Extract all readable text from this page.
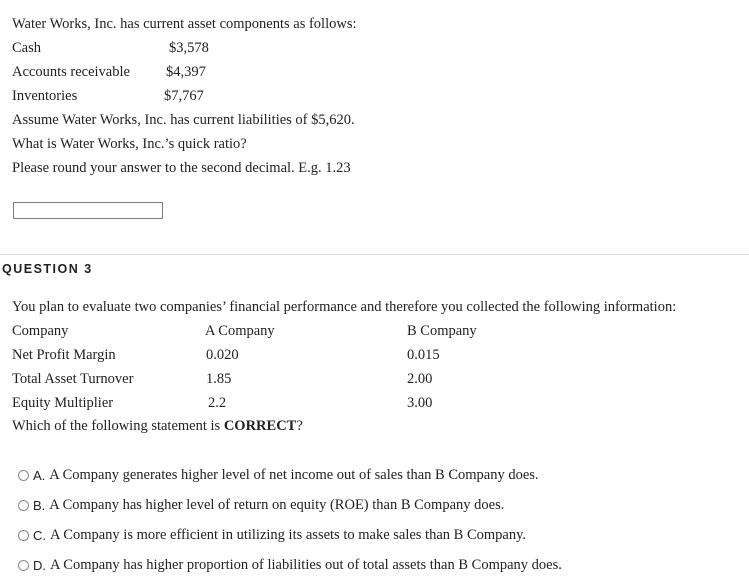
Water Works, Inc. has current asset components as follows:
Cash	$3,578
Accounts receivable $4,397
Inventories	$7,767
Assume Water Works, Inc. has current liabilities of $5,620.
What is Water Works, Inc.’s quick ratio?
Please round your answer to the second decimal. E.g. 1.23
QUESTION 3
You plan to evaluate two companies’ financial performance and therefore you collected the following information:
Company	A Company	B Company
Net Profit Margin	0.020	0.015
Total Asset Turnover	1.85	2.00
Equity Multiplier	2.2	3.00
Which of the following statement is CORRECT?
A. A Company generates higher level of net income out of sales than B Company does.
B. A Company has higher level of return on equity (ROE) than B Company does.
C. A Company is more efficient in utilizing its assets to make sales than B Company.
D. A Company has higher proportion of liabilities out of total assets than B Company does.
